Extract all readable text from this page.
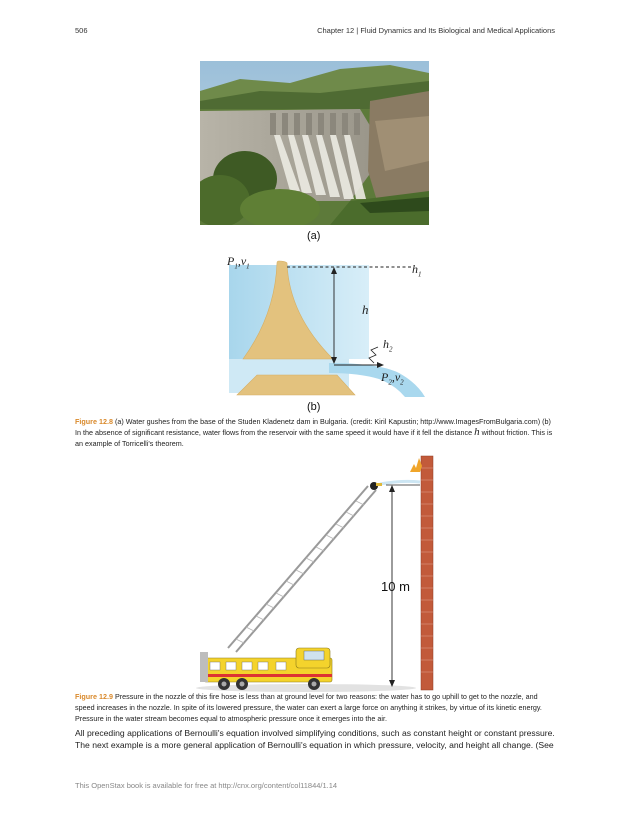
506	Chapter 12 | Fluid Dynamics and Its Biological and Medical Applications
(a)
$P_1,v_1$	$h_1$
h
$h_2$
$P_2,v_2$
(b)
Figure 12.8 (a) Water gushes from the base of the Studen Kladenetz dam in Bulgaria. (credit: Kiril Kapustin; http://www.ImagesFromBulgaria.com) (b) In the absence of significant resistance, water flows from the reservoir with the same speed it would have if it fell the distance h without friction. This is an example of Torricelli's theorem.
10 m
Figure 12.9 Pressure in the nozzle of this fire hose is less than at ground level for two reasons: the water has to go uphill to get to the nozzle, and speed increases in the nozzle. In spite of its lowered pressure, the water can exert a large force on anything it strikes, by virtue of its kinetic energy. Pressure in the water stream becomes equal to atmospheric pressure once it emerges into the air.
All preceding applications of Bernoulli's equation involved simplifying conditions, such as constant height or constant pressure. The next example is a more general application of Bernoulli's equation in which pressure, velocity, and height all change. (See
This OpenStax book is available for free at http://cnx.org/content/col11844/1.14
